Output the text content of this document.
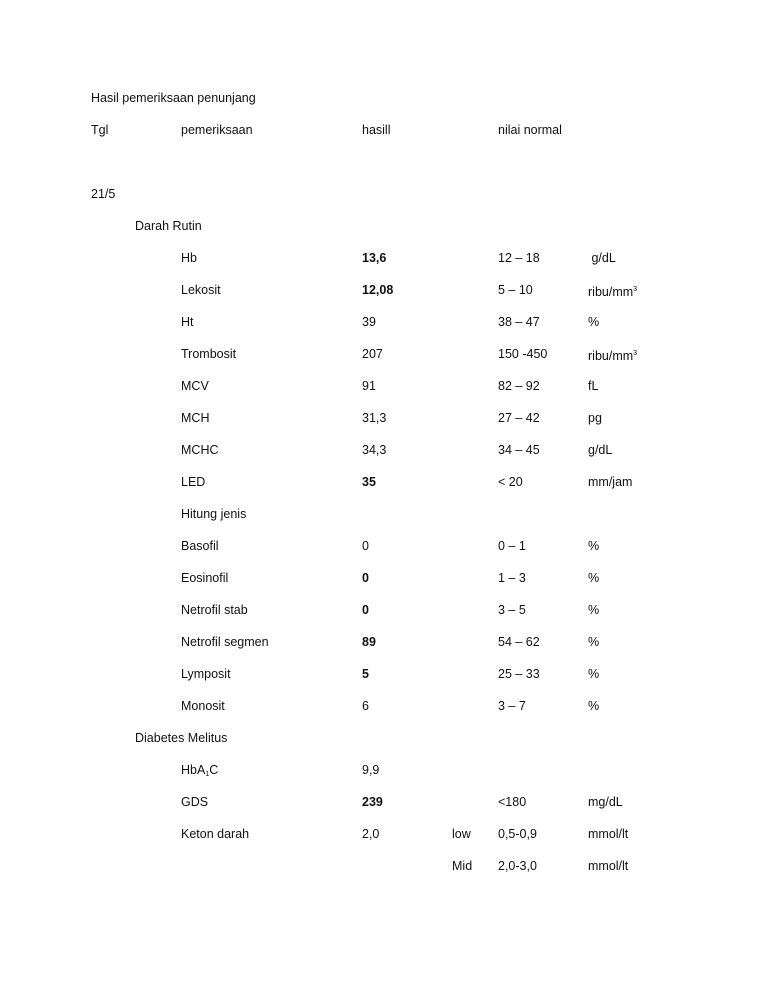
Hasil pemeriksaan penunjang
Tgl	pemeriksaan	hasill	nilai normal
21/5
Darah Rutin
Hb	13,6	12 – 18	g/dL
Lekosit	12,08	5 – 10	ribu/$mm^3$
Ht	39	38 – 47	%
Trombosit	207	150 -450	ribu/$mm^3$
MCV	91	82 – 92	fL
MCH	31,3	27 – 42	pg
MCHC	34,3	34 – 45	g/dL
LED	35	< 20	mm/jam
Hitung jenis
Basofil	0	0 – 1	%
Eosinofil	0	1 – 3	%
Netrofil stab	0	3 – 5	%
Netrofil segmen	89	54 – 62	%
Lymposit	5	25 – 33	%
Monosit	6	3 – 7	%
Diabetes Melitus
HbA$_1$C	9,9
GDS	239	<180	mg/dL
Keton darah	2,0	low 0,5-0,9	mmol/lt
Mid 2,0-3,0	mmol/lt
